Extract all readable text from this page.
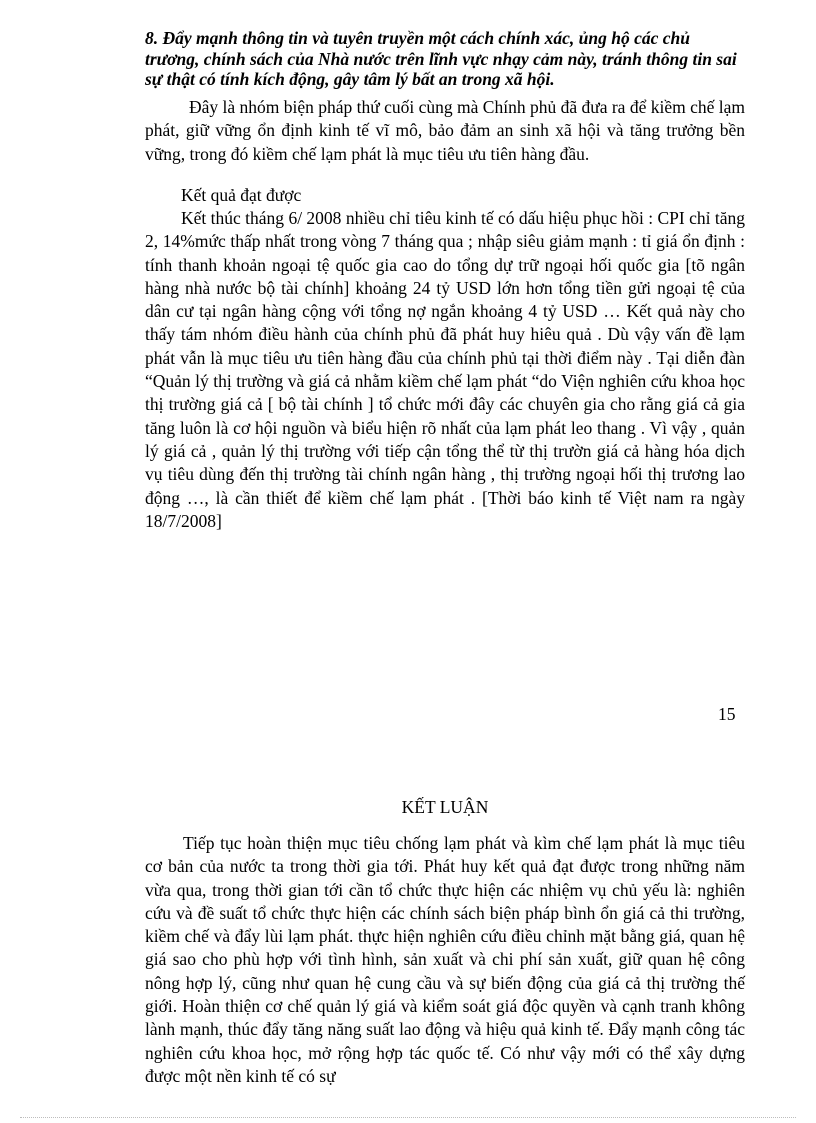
8. Đẩy mạnh thông tin và tuyên truyền một cách chính xác, ủng hộ các chủ trương, chính sách của Nhà nước trên lĩnh vực nhạy cảm này, tránh thông tin sai sự thật có tính kích động, gây tâm lý bất an trong xã hội.

Đây là nhóm biện pháp thứ cuối cùng mà Chính phủ đã đưa ra để kiềm chế lạm phát, giữ vững ổn định kinh tế vĩ mô, bảo đảm an sinh xã hội và tăng trưởng bền vững, trong đó kiềm chế lạm phát là mục tiêu ưu tiên hàng đầu.

Kết quả đạt được

Kết thúc tháng 6/ 2008 nhiều chỉ tiêu kinh tế có dấu hiệu phục hồi : CPI chỉ tăng 2, 14%mức thấp nhất trong vòng 7 tháng qua ; nhập siêu giảm mạnh : tỉ giá ổn định : tính thanh khoản ngoại tệ quốc gia cao do tổng dự trữ ngoại hối quốc gia [tõ ngân hàng nhà nước bộ tài chính] khoảng 24 tỷ USD lớn hơn tổng tiền gửi ngoại tệ của dân cư tại ngân hàng cộng với tổng nợ ngắn khoảng 4 tỷ USD … Kết quả này cho thấy tám nhóm điều hành của chính phủ đã phát huy hiêu quả . Dù vậy vấn đề lạm phát vẫn là mục tiêu ưu tiên hàng đầu của chính phủ tại thời điểm này . Tại diễn đàn “Quản lý thị trường và giá cả nhằm kiềm chế lạm phát “do Viện nghiên cứu khoa học thị trường giá cả [ bộ tài chính ] tổ chức mới đây các chuyên gia cho rằng giá cả gia tăng luôn là cơ hội nguồn và biểu hiện rõ nhất của lạm phát leo thang . Vì vậy , quản lý giá cả , quản lý thị trường với tiếp cận tổng thể từ thị trườn giá cả hàng hóa dịch vụ tiêu dùng đến thị trường tài chính ngân hàng , thị trường ngoại hối thị trương lao động …, là cần thiết để kiềm chế lạm phát . [Thời báo kinh tế Việt nam ra ngày 18/7/2008]

15

KẾT LUẬN

Tiếp tục hoàn thiện mục tiêu chống lạm phát và kìm chế lạm phát là mục tiêu cơ bản của nước ta trong thời gia tới. Phát huy kết quả đạt được trong những năm vừa qua, trong thời gian tới cần tổ chức thực hiện các nhiệm vụ chủ yếu là: nghiên cứu và đề suất tổ chức thực hiện các chính sách biện pháp bình ổn giá cả thi trường, kiềm chế và đẩy lùi lạm phát. thực hiện nghiên cứu điều chỉnh mặt bằng giá, quan hệ giá sao cho phù hợp với tình hình, sản xuất và chi phí sản xuất, giữ quan hệ công nông hợp lý, cũng như quan hệ cung cầu và sự biến động của giá cả thị trường thế giới. Hoàn thiện cơ chế quản lý giá và kiểm soát giá độc quyền và cạnh tranh không lành mạnh, thúc đẩy tăng năng suất lao động và hiệu quả kinh tế. Đẩy mạnh công tác nghiên cứu khoa học, mở rộng hợp tác quốc tế. Có như vậy mới có thể xây dựng được một nền kinh tế có sự
